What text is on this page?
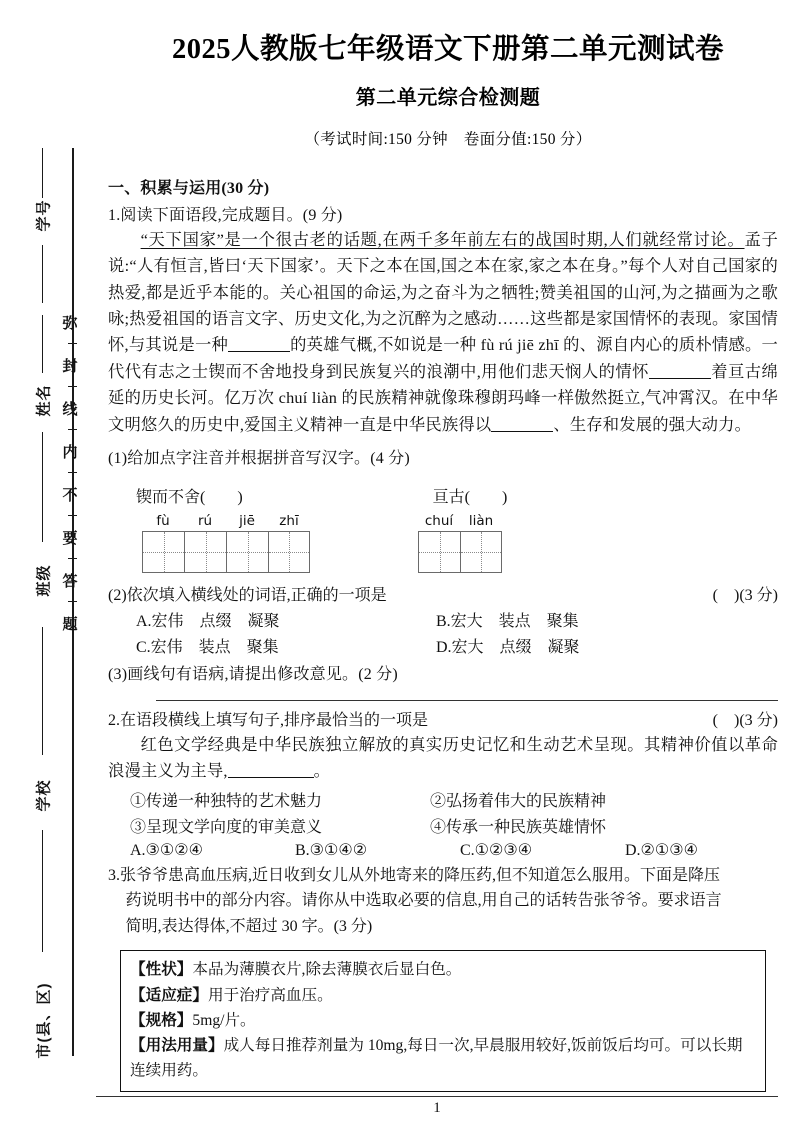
学号
姓名
班级
学校
市(县、区)
弥
封
线
内
不
要
答
题
2025人教版七年级语文下册第二单元测试卷
第二单元综合检测题
（考试时间:150 分钟　卷面分值:150 分）

一、积累与运用(30 分)

1.阅读下面语段,完成题目。(9 分)

“天下国家”是一个很古老的话题,在两千多年前左右的战国时期,人们就经常讨论。孟子说:“人有恒言,皆曰‘天下国家’。天下之本在国,国之本在家,家之本在身。”每个人对自己国家的热爱,都是近乎本能的。关心祖国的命运,为之奋斗为之牺牲;赞美祖国的山河,为之描画为之歌咏;热爱祖国的语言文字、历史文化,为之沉醉为之感动……这些都是家国情怀的表现。家国情怀,与其说是一种	的英雄气概,不如说是一种 fù rú jiē zhī 的、源自内心的质朴情感。一代代有志之士锲而不舍地投身到民族复兴的浪潮中,用他们悲天悯人的情怀	着亘古绵延的历史长河。亿万次 chuí liàn 的民族精神就像珠穆朗玛峰一样傲然挺立,气冲霄汉。在中华文明悠久的历史中,爱国主义精神一直是中华民族得以	、生存和发展的强大动力。

(1)给加点字注音并根据拼音写汉字。(4 分)

锲而不舍(　　)	亘古(　　)
fù	rú	jiē	zhī	chuí	liàn
(2)依次填入横线处的词语,正确的一项是	(　)(3 分)
A.宏伟　点缀　凝聚	B.宏大　装点　聚集
C.宏伟　装点　聚集	D.宏大　点缀　凝聚

(3)画线句有语病,请提出修改意见。(2 分)

2.在语段横线上填写句子,排序最恰当的一项是	(　)(3 分)

红色文学经典是中华民族独立解放的真实历史记忆和生动艺术呈现。其精神价值以革命浪漫主义为主导,	。

①传递一种独特的艺术魅力	②弘扬着伟大的民族精神
③呈现文学向度的审美意义	④传承一种民族英雄情怀
A.③①②④	B.③①④②	C.①②③④	D.②①③④
3.张爷爷患高血压病,近日收到女儿从外地寄来的降压药,但不知道怎么服用。下面是降压
药说明书中的部分内容。请你从中选取必要的信息,用自己的话转告张爷爷。要求语言
简明,表达得体,不超过 30 字。(3 分)

【性状】本品为薄膜衣片,除去薄膜衣后显白色。

【适应症】用于治疗高血压。

【规格】5mg/片。

【用法用量】成人每日推荐剂量为 10mg,每日一次,早晨服用较好,饭前饭后均可。可以长期连续用药。

1
